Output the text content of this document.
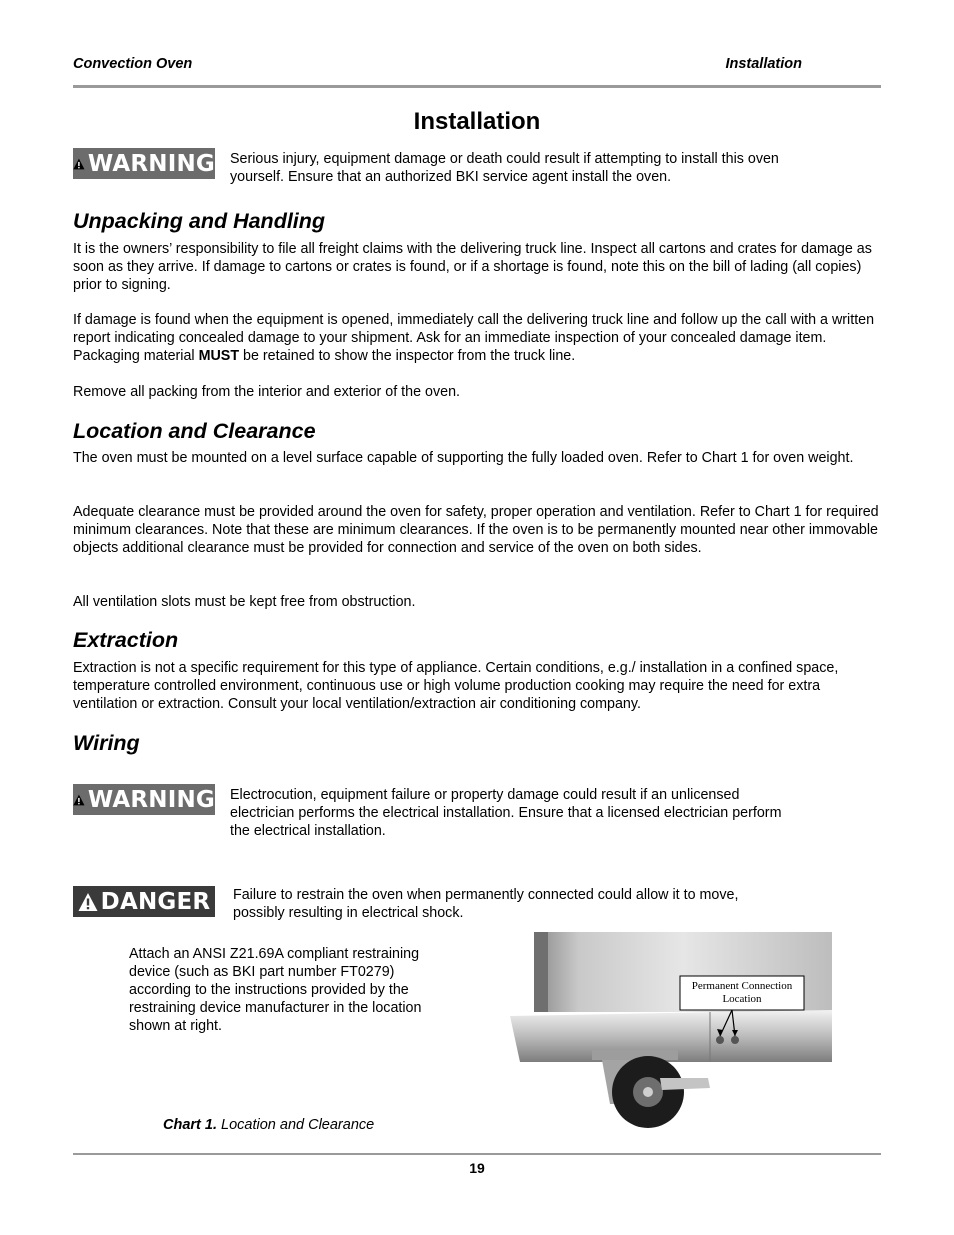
Convection Oven	Installation
Installation
WARNING Serious injury, equipment damage or death could result if attempting to install this oven yourself. Ensure that an authorized BKI service agent install the oven.

Unpacking and Handling

It is the owners’ responsibility to file all freight claims with the delivering truck line. Inspect all cartons and crates for damage as soon as they arrive. If damage to cartons or crates is found, or if a shortage is found, note this on the bill of lading (all copies) prior to signing.

If damage is found when the equipment is opened, immediately call the delivering truck line and follow up the call with a written report indicating concealed damage to your shipment. Ask for an immediate inspection of your concealed damage item. Packaging material MUST be retained to show the inspector from the truck line.

Remove all packing from the interior and exterior of the oven.

Location and Clearance

The oven must be mounted on a level surface capable of supporting the fully loaded oven. Refer to Chart 1 for oven weight.

Adequate clearance must be provided around the oven for safety, proper operation and ventilation. Refer to Chart 1 for required minimum clearances. Note that these are minimum clearances. If the oven is to be permanently mounted near other immovable objects additional clearance must be provided for connection and service of the oven on both sides.

All ventilation slots must be kept free from obstruction.

Extraction

Extraction is not a specific requirement for this type of appliance. Certain conditions, e.g./ installation in a confined space, temperature controlled environment, continuous use or high volume production cooking may require the need for extra ventilation or extraction. Consult your local ventilation/extraction air conditioning company.

Wiring
WARNING Electrocution, equipment failure or property damage could result if an unlicensed electrician performs the electrical installation. Ensure that a licensed electrician perform the electrical installation.

DANGER Failure to restrain the oven when permanently connected could allow it to move, possibly resulting in electrical shock.

Attach an ANSI Z21.69A compliant restraining device (such as BKI part number FT0279) according to the instructions provided by the restraining device manufacturer in the location shown at right.

Permanent Connection
Location
Chart 1. Location and Clearance
19
